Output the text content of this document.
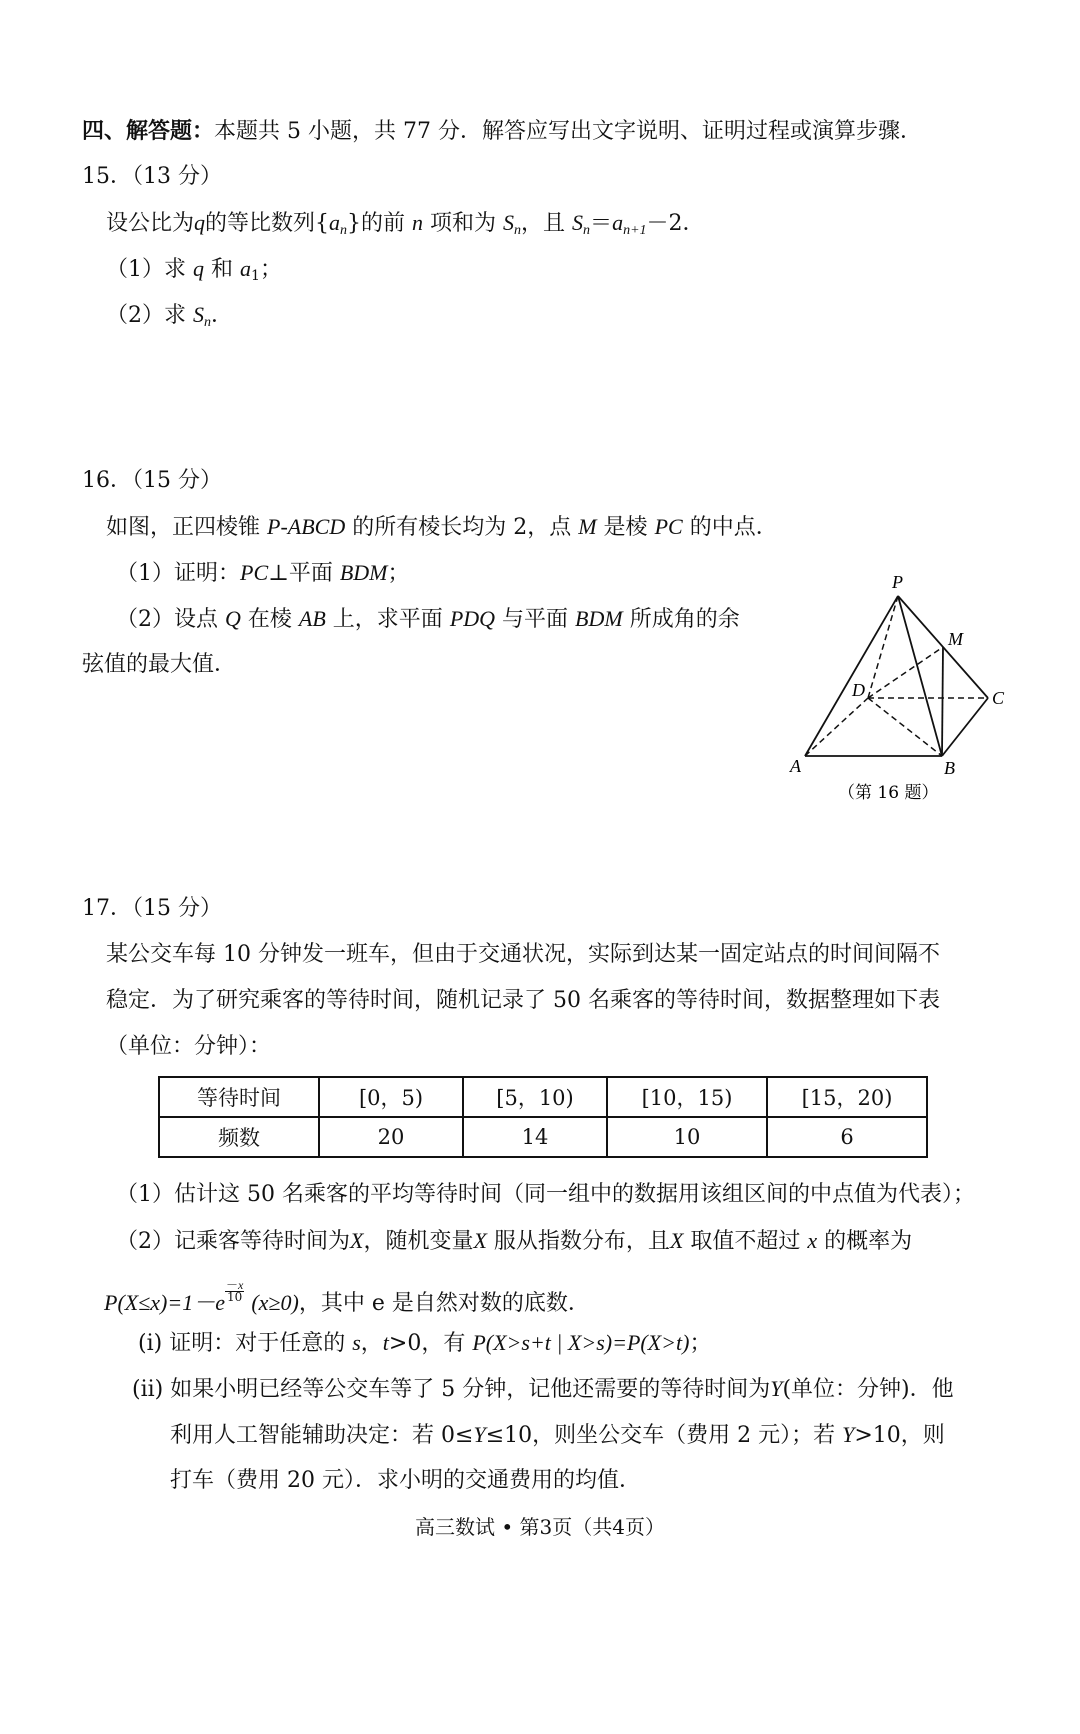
四、解答题：本题共 5 小题，共 77 分．解答应写出文字说明、证明过程或演算步骤．
15．（13 分）
设公比为q的等比数列$\{a_n\}$的前 n 项和为 $S_n$，且 $S_n=a_{n+1}-2$．
（1）求 q 和 $a_1$；
（2）求 $S_n$．
16．（15 分）
如图，正四棱锥 P-ABCD 的所有棱长均为 2，点 M 是棱 PC 的中点．
（1）证明：PC⊥平面 BDM；
（2）设点 Q 在棱 AB 上，求平面 PDQ 与平面 BDM 所成角的余
弦值的最大值．
P
M
D	C
A	B
（第 16 题）
17．（15 分）
某公交车每 10 分钟发一班车，但由于交通状况，实际到达某一固定站点的时间间隔不
稳定．为了研究乘客的等待时间，随机记录了 50 名乘客的等待时间，数据整理如下表
（单位：分钟）：
等待时间	[0，5)	[5，10)	[10，15)	[15，20)
频数	20	14	10	6
（1）估计这 50 名乘客的平均等待时间（同一组中的数据用该组区间的中点值为代表）；
（2）记乘客等待时间为X，随机变量X 服从指数分布，且X 取值不超过 x 的概率为
$P(X\le x)=1-e \frac{-x}{10} (x\ge 0)$，其中 e 是自然对数的底数．
(i) 证明：对于任意的 s，t>0，有 P(X>s+t | X>s)=P(X>t)；
(ii) 如果小明已经等公交车等了 5 分钟，记他还需要的等待时间为Y(单位：分钟)．他
利用人工智能辅助决定：若 0≤Y≤10，则坐公交车（费用 2 元）；若 Y>10，则
打车（费用 20 元）．求小明的交通费用的均值．
高三数试 • 第3页（共4页）
